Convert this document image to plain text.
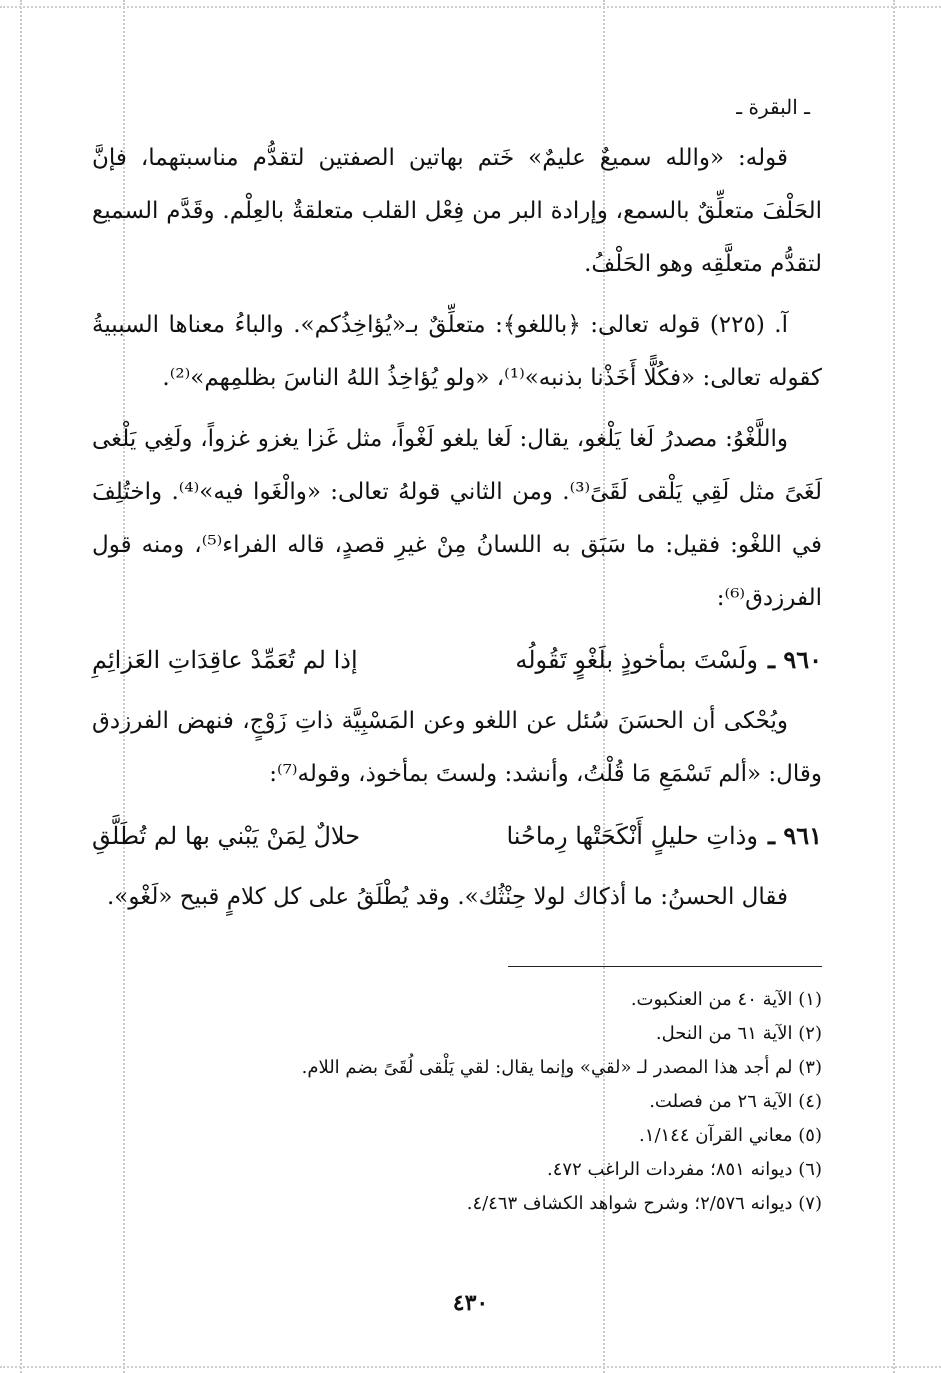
ـ البقرة ـ

قوله: «والله سميعٌ عليمٌ» خَتم بهاتين الصفتين لتقدُّم مناسبتهما، فإنَّ الحَلْفَ متعلِّقٌ بالسمع، وإرادة البر من فِعْل القلب متعلقةٌ بالعِلْم. وقَدَّم السميع لتقدُّم متعلَّقِه وهو الحَلْفُ.

آ. (٢٢٥) قوله تعالى: ﴿باللغو﴾: متعلِّقٌ بـ«يُؤاخِذُكم». والباءُ معناها السببيةُ كقوله تعالى: «فكُلًّا أَخَذْنا بذنبه»⁽¹⁾، «ولو يُؤاخِذُ اللهُ الناسَ بظلمِهم»⁽²⁾.

واللَّغْوُ: مصدرُ لَغا يَلْغو، يقال: لَغا يلغو لَغْواً، مثل غَزا يغزو غزواً، ولَغِي يَلْغى لَغَىً مثل لَقِي يَلْقى لَقَىً⁽³⁾. ومن الثاني قولهُ تعالى: «والْغَوا فيه»⁽⁴⁾. واختُلِفَ في اللغْو: فقيل: ما سَبَق به اللسانُ مِنْ غيرِ قصدٍ، قاله الفراء⁽⁵⁾، ومنه قول الفرزدق⁽⁶⁾:

٩٦٠ ـ
ولَسْتَ بمأخوذٍ بلَغْوٍ تَقُولُه
إذا لم تُعَمِّدْ عاقِدَاتِ العَزائِمِ

ويُحْكى أن الحسَنَ سُئل عن اللغو وعن المَسْبِيَّة ذاتِ زَوْجٍ، فنهض الفرزدق وقال: «ألم تَسْمَعِ مَا قُلْتُ، وأنشد: ولستَ بمأخوذ، وقوله⁽⁷⁾:

٩٦١ ـ
وذاتِ حليلٍ أَنْكَحَتْها رِماحُنا
حلالٌ لِمَنْ يَبْني بها لم تُطَلَّقِ

فقال الحسنُ: ما أذكاك لولا حِنْثُك». وقد يُطْلَقُ على كل كلامٍ قبيح «لَغْو».

(١) الآية ٤٠ من العنكبوت.

(٢) الآية ٦١ من النحل.

(٣) لم أجد هذا المصدر لـ «لقي» وإنما يقال: لقي يَلْقى لُقَىً بضم اللام.

(٤) الآية ٢٦ من فصلت.

(٥) معاني القرآن ١/١٤٤.

(٦) ديوانه ٨٥١؛ مفردات الراغب ٤٧٢.

(٧) ديوانه ٢/٥٧٦؛ وشرح شواهد الكشاف ٤/٤٦٣.

٤٣٠
